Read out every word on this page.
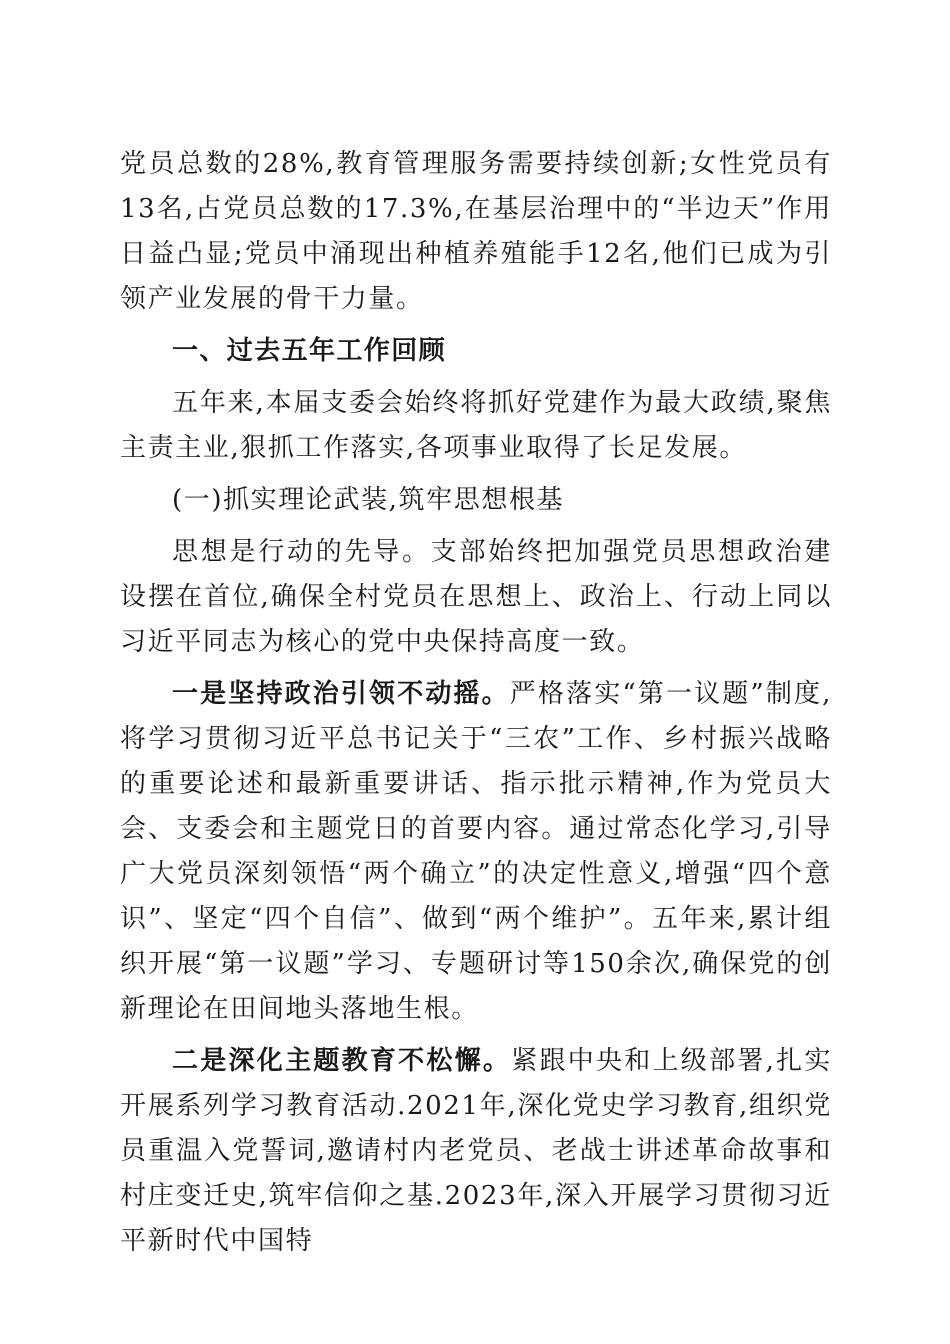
党员总数的28%,教育管理服务需要持续创新;女性党员有13名,占党员总数的17.3%,在基层治理中的“半边天”作用日益凸显;党员中涌现出种植养殖能手12名,他们已成为引领产业发展的骨干力量。

一、过去五年工作回顾

五年来,本届支委会始终将抓好党建作为最大政绩,聚焦主责主业,狠抓工作落实,各项事业取得了长足发展。

(一)抓实理论武装,筑牢思想根基

思想是行动的先导。支部始终把加强党员思想政治建设摆在首位,确保全村党员在思想上、政治上、行动上同以习近平同志为核心的党中央保持高度一致。

一是坚持政治引领不动摇。严格落实“第一议题”制度,将学习贯彻习近平总书记关于“三农”工作、乡村振兴战略的重要论述和最新重要讲话、指示批示精神,作为党员大会、支委会和主题党日的首要内容。通过常态化学习,引导广大党员深刻领悟“两个确立”的决定性意义,增强“四个意识”、坚定“四个自信”、做到“两个维护”。五年来,累计组织开展“第一议题”学习、专题研讨等150余次,确保党的创新理论在田间地头落地生根。

二是深化主题教育不松懈。紧跟中央和上级部署,扎实开展系列学习教育活动.2021年,深化党史学习教育,组织党员重温入党誓词,邀请村内老党员、老战士讲述革命故事和村庄变迁史,筑牢信仰之基.2023年,深入开展学习贯彻习近平新时代中国特
